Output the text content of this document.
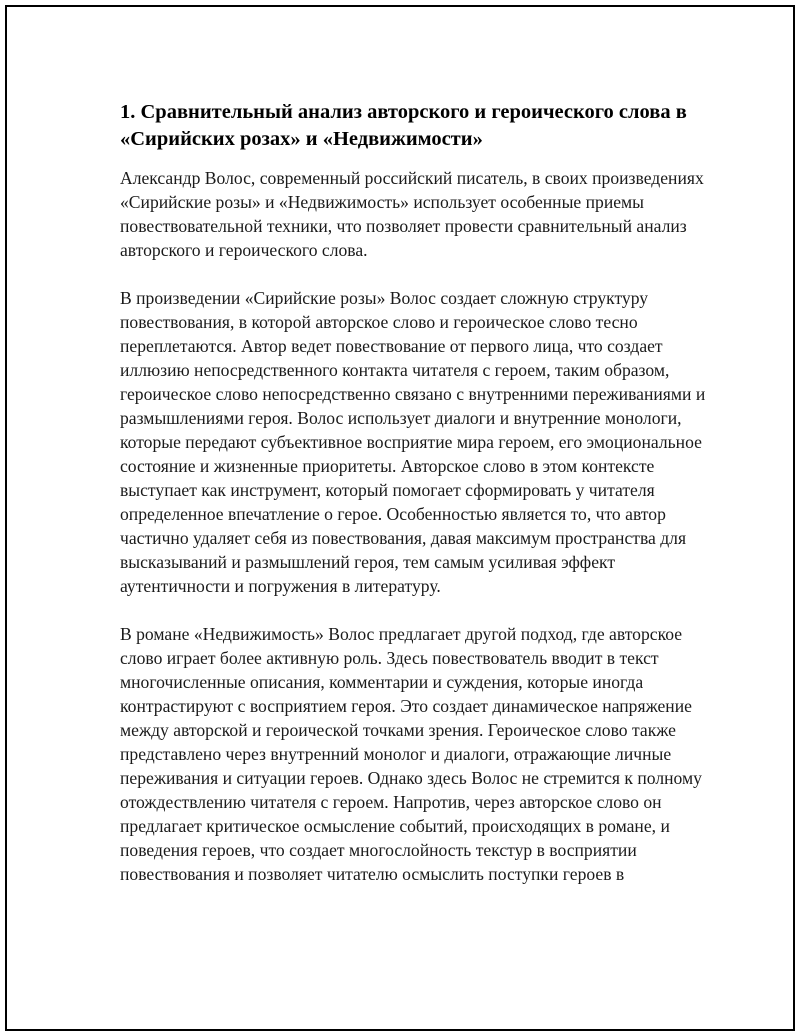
1. Сравнительный анализ авторского и героического слова в «Сирийских розах» и «Недвижимости»

Александр Волос, современный российский писатель, в своих произведениях «Сирийские розы» и «Недвижимость» использует особенные приемы повествовательной техники, что позволяет провести сравнительный анализ авторского и героического слова.

В произведении «Сирийские розы» Волос создает сложную структуру повествования, в которой авторское слово и героическое слово тесно переплетаются. Автор ведет повествование от первого лица, что создает иллюзию непосредственного контакта читателя с героем, таким образом, героическое слово непосредственно связано с внутренними переживаниями и размышлениями героя. Волос использует диалоги и внутренние монологи, которые передают субъективное восприятие мира героем, его эмоциональное состояние и жизненные приоритеты. Авторское слово в этом контексте выступает как инструмент, который помогает сформировать у читателя определенное впечатление о герое. Особенностью является то, что автор частично удаляет себя из повествования, давая максимум пространства для высказываний и размышлений героя, тем самым усиливая эффект аутентичности и погружения в литературу.

В романе «Недвижимость» Волос предлагает другой подход, где авторское слово играет более активную роль. Здесь повествователь вводит в текст многочисленные описания, комментарии и суждения, которые иногда контрастируют с восприятием героя. Это создает динамическое напряжение между авторской и героической точками зрения. Героическое слово также представлено через внутренний монолог и диалоги, отражающие личные переживания и ситуации героев. Однако здесь Волос не стремится к полному отождествлению читателя с героем. Напротив, через авторское слово он предлагает критическое осмысление событий, происходящих в романе, и поведения героев, что создает многослойность текстур в восприятии повествования и позволяет читателю осмыслить поступки героев в
